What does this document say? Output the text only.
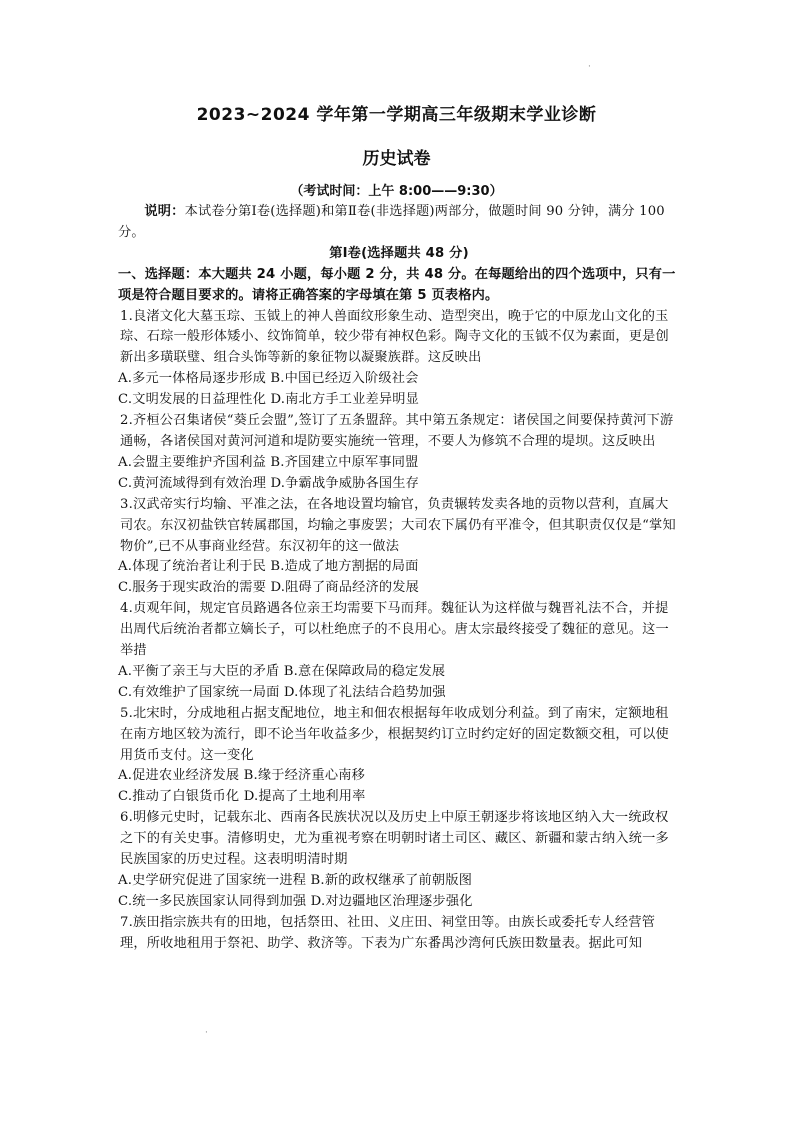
·
2023~2024 学年第一学期高三年级期末学业诊断
历史试卷
（考试时间：上午 8:00——9:30）

说明：本试卷分第Ⅰ卷(选择题)和第Ⅱ卷(非选择题)两部分，做题时间 90 分钟，满分 100 分。

第Ⅰ卷(选择题共 48 分)

一、选择题：本大题共 24 小题，每小题 2 分，共 48 分。在每题给出的四个选项中，只有一项是符合题目要求的。请将正确答案的字母填在第 5 页表格内。

1.良渚文化大墓玉琮、玉钺上的神人兽面纹形象生动、造型突出，晚于它的中原龙山文化的玉琮、石琮一般形体矮小、纹饰简单，较少带有神权色彩。陶寺文化的玉钺不仅为素面，更是创新出多璜联璧、组合头饰等新的象征物以凝聚族群。这反映出

A.多元一体格局逐步形成 B.中国已经迈入阶级社会

C.文明发展的日益理性化 D.南北方手工业差异明显

2.齐桓公召集诸侯“葵丘会盟”,签订了五条盟辞。其中第五条规定：诸侯国之间要保持黄河下游通畅，各诸侯国对黄河河道和堤防要实施统一管理，不要人为修筑不合理的堤坝。这反映出

A.会盟主要维护齐国利益 B.齐国建立中原军事同盟

C.黄河流域得到有效治理 D.争霸战争威胁各国生存

3.汉武帝实行均输、平准之法，在各地设置均输官，负责辗转发卖各地的贡物以营利，直属大司农。东汉初盐铁官转属郡国，均输之事废罢；大司农下属仍有平准令，但其职责仅仅是“掌知物价”,已不从事商业经营。东汉初年的这一做法

A.体现了统治者让利于民 B.造成了地方割据的局面

C.服务于现实政治的需要 D.阻碍了商品经济的发展

4.贞观年间，规定官员路遇各位亲王均需要下马而拜。魏征认为这样做与魏晋礼法不合，并提出周代后统治者都立嫡长子，可以杜绝庶子的不良用心。唐太宗最终接受了魏征的意见。这一举措

A.平衡了亲王与大臣的矛盾 B.意在保障政局的稳定发展

C.有效维护了国家统一局面 D.体现了礼法结合趋势加强

5.北宋时，分成地租占据支配地位，地主和佃农根据每年收成划分利益。到了南宋，定额地租在南方地区较为流行，即不论当年收益多少，根据契约订立时约定好的固定数额交租，可以使用货币支付。这一变化

A.促进农业经济发展 B.缘于经济重心南移

C.推动了白银货币化 D.提高了土地利用率

6.明修元史时，记载东北、西南各民族状况以及历史上中原王朝逐步将该地区纳入大一统政权之下的有关史事。清修明史，尤为重视考察在明朝时诸土司区、藏区、新疆和蒙古纳入统一多民族国家的历史过程。这表明明清时期

A.史学研究促进了国家统一进程 B.新的政权继承了前朝版图

C.统一多民族国家认同得到加强 D.对边疆地区治理逐步强化

7.族田指宗族共有的田地，包括祭田、社田、义庄田、祠堂田等。由族长或委托专人经营管理，所收地租用于祭祀、助学、救济等。下表为广东番禺沙湾何氏族田数量表。据此可知

·
